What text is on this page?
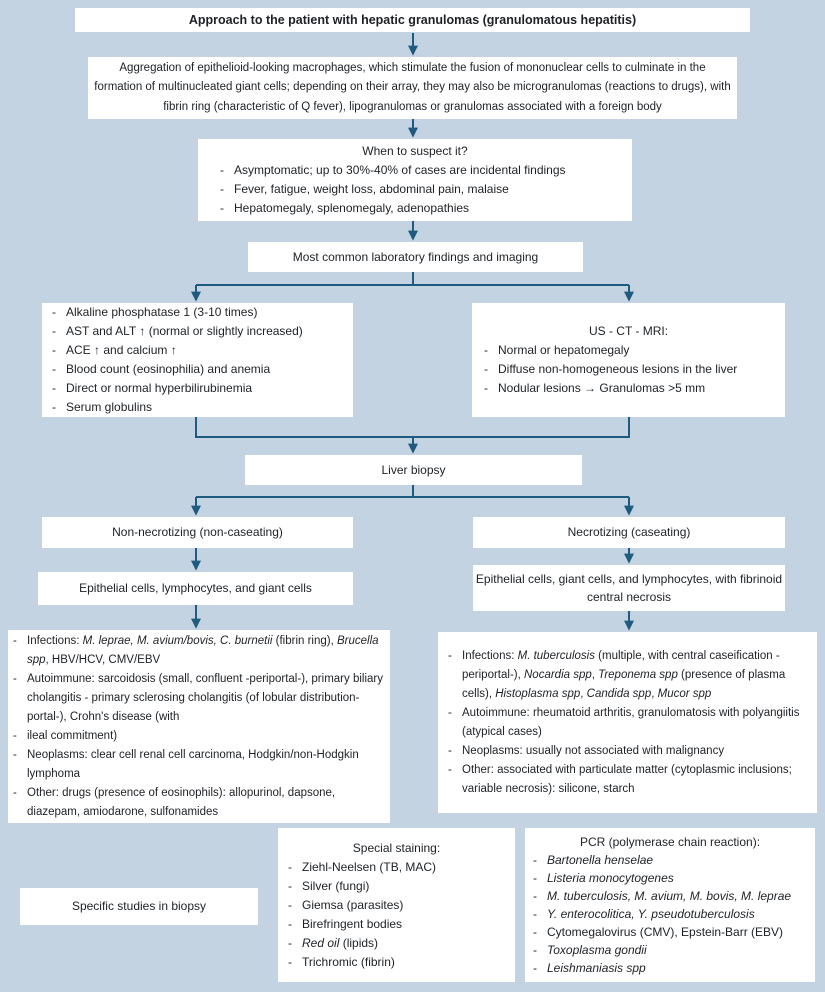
Approach to the patient with hepatic granulomas (granulomatous hepatitis)
Aggregation of epithelioid-looking macrophages, which stimulate the fusion of mononuclear cells to culminate in the formation of multinucleated giant cells; depending on their array, they may also be microgranulomas (reactions to drugs), with fibrin ring (characteristic of Q fever), lipogranulomas or granulomas associated with a foreign body
When to suspect it?
- Asymptomatic; up to 30%-40% of cases are incidental findings
- Fever, fatigue, weight loss, abdominal pain, malaise
- Hepatomegaly, splenomegaly, adenopathies
Most common laboratory findings and imaging
- Alkaline phosphatase 1 (3-10 times)
- AST and ALT ↑ (normal or slightly increased)
- ACE ↑ and calcium ↑
- Blood count (eosinophilia) and anemia
- Direct or normal hyperbilirubinemia
- Serum globulins
US - CT - MRI:
- Normal or hepatomegaly
- Diffuse non-homogeneous lesions in the liver
- Nodular lesions → Granulomas >5 mm
Liver biopsy
Non-necrotizing (non-caseating)	Necrotizing (caseating)
Epithelial cells, lymphocytes, and giant cells
Epithelial cells, giant cells, and lymphocytes, with fibrinoid central necrosis
- Infections: M. leprae, M. avium/bovis, C. burnetii (fibrin ring), Brucella spp, HBV/HCV, CMV/EBV
- Autoimmune: sarcoidosis (small, confluent -periportal-), primary biliary cholangitis - primary sclerosing cholangitis (of lobular distribution-portal-), Crohn's disease (with
- ileal commitment)
- Neoplasms: clear cell renal cell carcinoma, Hodgkin/non-Hodgkin lymphoma
- Other: drugs (presence of eosinophils): allopurinol, dapsone, diazepam, amiodarone, sulfonamides
- Infections: M. tuberculosis (multiple, with central caseification -periportal-), Nocardia spp, Treponema spp (presence of plasma cells), Histoplasma spp, Candida spp, Mucor spp
- Autoimmune: rheumatoid arthritis, granulomatosis with polyangiitis (atypical cases)
- Neoplasms: usually not associated with malignancy
- Other: associated with particulate matter (cytoplasmic inclusions; variable necrosis): silicone, starch
Specific studies in biopsy
Special staining:
- Ziehl-Neelsen (TB, MAC)
- Silver (fungi)
- Giemsa (parasites)
- Birefringent bodies
- Red oil (lipids)
- Trichromic (fibrin)
PCR (polymerase chain reaction):
- Bartonella henselae
- Listeria monocytogenes
- M. tuberculosis, M. avium, M. bovis, M. leprae
- Y. enterocolitica, Y. pseudotuberculosis
- Cytomegalovirus (CMV), Epstein-Barr (EBV)
- Toxoplasma gondii
- Leishmaniasis spp
